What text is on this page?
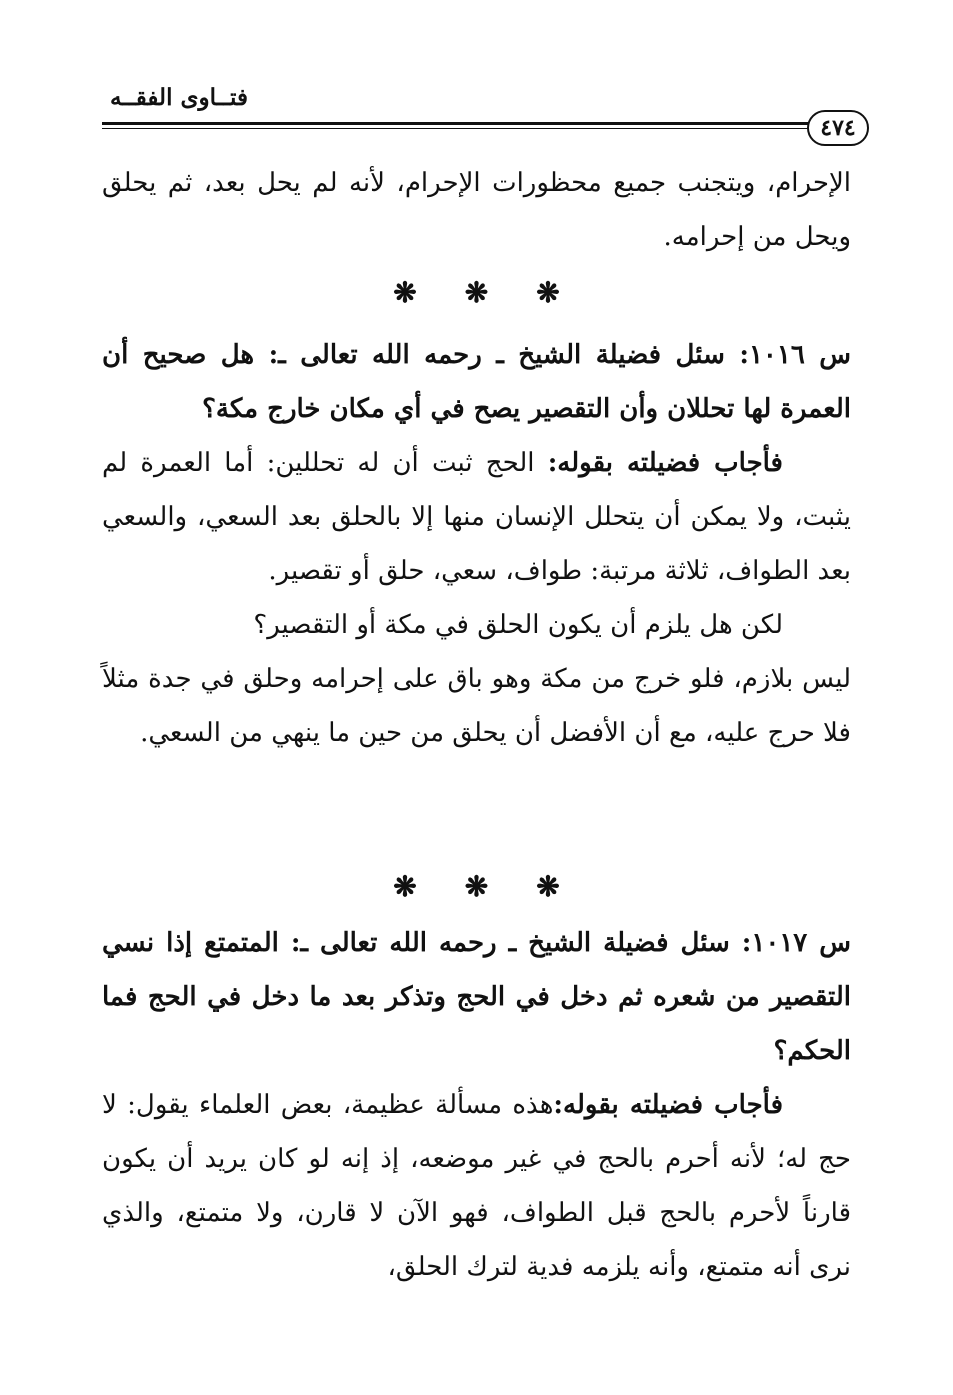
فتــاوى الفقــه
٤٧٤

الإحرام، ويتجنب جميع محظورات الإحرام، لأنه لم يحل بعد، ثم يحلق ويحل من إحرامه.

❋ ❋ ❋

س ١٠١٦: سئل فضيلة الشيخ ـ رحمه الله تعالى ـ: هل صحيح أن العمرة لها تحللان وأن التقصير يصح في أي مكان خارج مكة؟

فأجاب فضيلته بقوله: الحج ثبت أن له تحللين: أما العمرة لم يثبت، ولا يمكن أن يتحلل الإنسان منها إلا بالحلق بعد السعي، والسعي بعد الطواف، ثلاثة مرتبة: طواف، سعي، حلق أو تقصير.

لكن هل يلزم أن يكون الحلق في مكة أو التقصير؟

ليس بلازم، فلو خرج من مكة وهو باق على إحرامه وحلق في جدة مثلاً فلا حرج عليه، مع أن الأفضل أن يحلق من حين ما ينهي من السعي.

❋ ❋ ❋

س ١٠١٧: سئل فضيلة الشيخ ـ رحمه الله تعالى ـ: المتمتع إذا نسي التقصير من شعره ثم دخل في الحج وتذكر بعد ما دخل في الحج فما الحكم؟

فأجاب فضيلته بقوله:هذه مسألة عظيمة، بعض العلماء يقول: لا حج له؛ لأنه أحرم بالحج في غير موضعه، إذ إنه لو كان يريد أن يكون قارناً لأحرم بالحج قبل الطواف، فهو الآن لا قارن، ولا متمتع، والذي نرى أنه متمتع، وأنه يلزمه فدية لترك الحلق،
